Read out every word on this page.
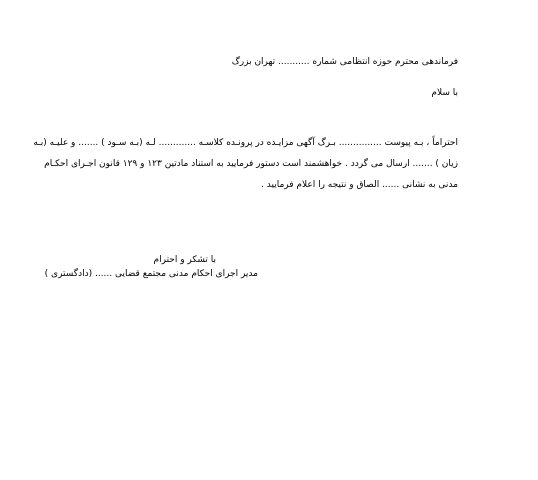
فرماندهی محترم حوزه انتظامی شماره ........... تهران بزرگ
با سلام

احتراماً ، بـه پیوست ............... بـرگ آگهی مزایـده در پرونـده کلاسـه ............. لـه (بـه سـود ) ....... و علیـه (بـه

زیان ) ....... ارسال می گردد . خواهشمند است دستور فرمایید به استناد مادتین ۱۲۳ و ۱۲۹ قانون اجـرای احکـام

مدنی به نشانی ...... الصاق و نتیجه را اعلام فرمایید .

با تشکر و احترام
مدیر اجرای احکام مدنی مجتمع قضایی ...... (دادگستری )
